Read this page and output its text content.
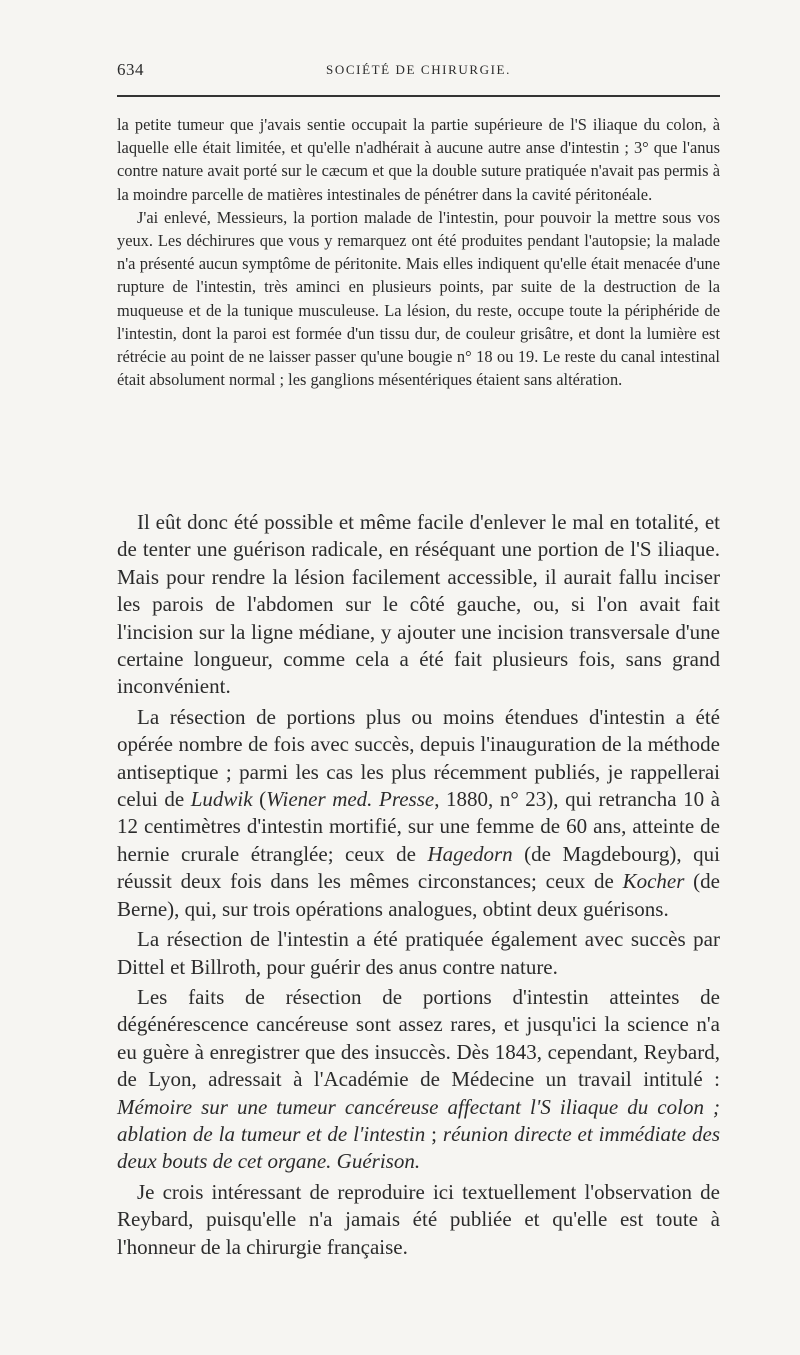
634	SOCIÉTÉ DE CHIRURGIE.

la petite tumeur que j'avais sentie occupait la partie supérieure de l'S iliaque du colon, à laquelle elle était limitée, et qu'elle n'adhérait à aucune autre anse d'intestin ; 3° que l'anus contre nature avait porté sur le cæcum et que la double suture pratiquée n'avait pas permis à la moindre parcelle de matières intestinales de pénétrer dans la cavité péritonéale.

J'ai enlevé, Messieurs, la portion malade de l'intestin, pour pouvoir la mettre sous vos yeux. Les déchirures que vous y remarquez ont été produites pendant l'autopsie; la malade n'a présenté aucun symptôme de péritonite. Mais elles indiquent qu'elle était menacée d'une rupture de l'intestin, très aminci en plusieurs points, par suite de la destruction de la muqueuse et de la tunique musculeuse. La lésion, du reste, occupe toute la périphéride de l'intestin, dont la paroi est formée d'un tissu dur, de couleur grisâtre, et dont la lumière est rétrécie au point de ne laisser passer qu'une bougie n° 18 ou 19. Le reste du canal intestinal était absolument normal ; les ganglions mésentériques étaient sans altération.

Il eût donc été possible et même facile d'enlever le mal en totalité, et de tenter une guérison radicale, en réséquant une portion de l'S iliaque. Mais pour rendre la lésion facilement accessible, il aurait fallu inciser les parois de l'abdomen sur le côté gauche, ou, si l'on avait fait l'incision sur la ligne médiane, y ajouter une incision transversale d'une certaine longueur, comme cela a été fait plusieurs fois, sans grand inconvénient.

La résection de portions plus ou moins étendues d'intestin a été opérée nombre de fois avec succès, depuis l'inauguration de la méthode antiseptique ; parmi les cas les plus récemment publiés, je rappellerai celui de Ludwik (Wiener med. Presse, 1880, n° 23), qui retrancha 10 à 12 centimètres d'intestin mortifié, sur une femme de 60 ans, atteinte de hernie crurale étranglée; ceux de Hagedorn (de Magdebourg), qui réussit deux fois dans les mêmes circonstances; ceux de Kocher (de Berne), qui, sur trois opérations analogues, obtint deux guérisons.

La résection de l'intestin a été pratiquée également avec succès par Dittel et Billroth, pour guérir des anus contre nature.

Les faits de résection de portions d'intestin atteintes de dégénérescence cancéreuse sont assez rares, et jusqu'ici la science n'a eu guère à enregistrer que des insuccès. Dès 1843, cependant, Reybard, de Lyon, adressait à l'Académie de Médecine un travail intitulé : Mémoire sur une tumeur cancéreuse affectant l'S iliaque du colon ; ablation de la tumeur et de l'intestin ; réunion directe et immédiate des deux bouts de cet organe. Guérison.

Je crois intéressant de reproduire ici textuellement l'observation de Reybard, puisqu'elle n'a jamais été publiée et qu'elle est toute à l'honneur de la chirurgie française.
